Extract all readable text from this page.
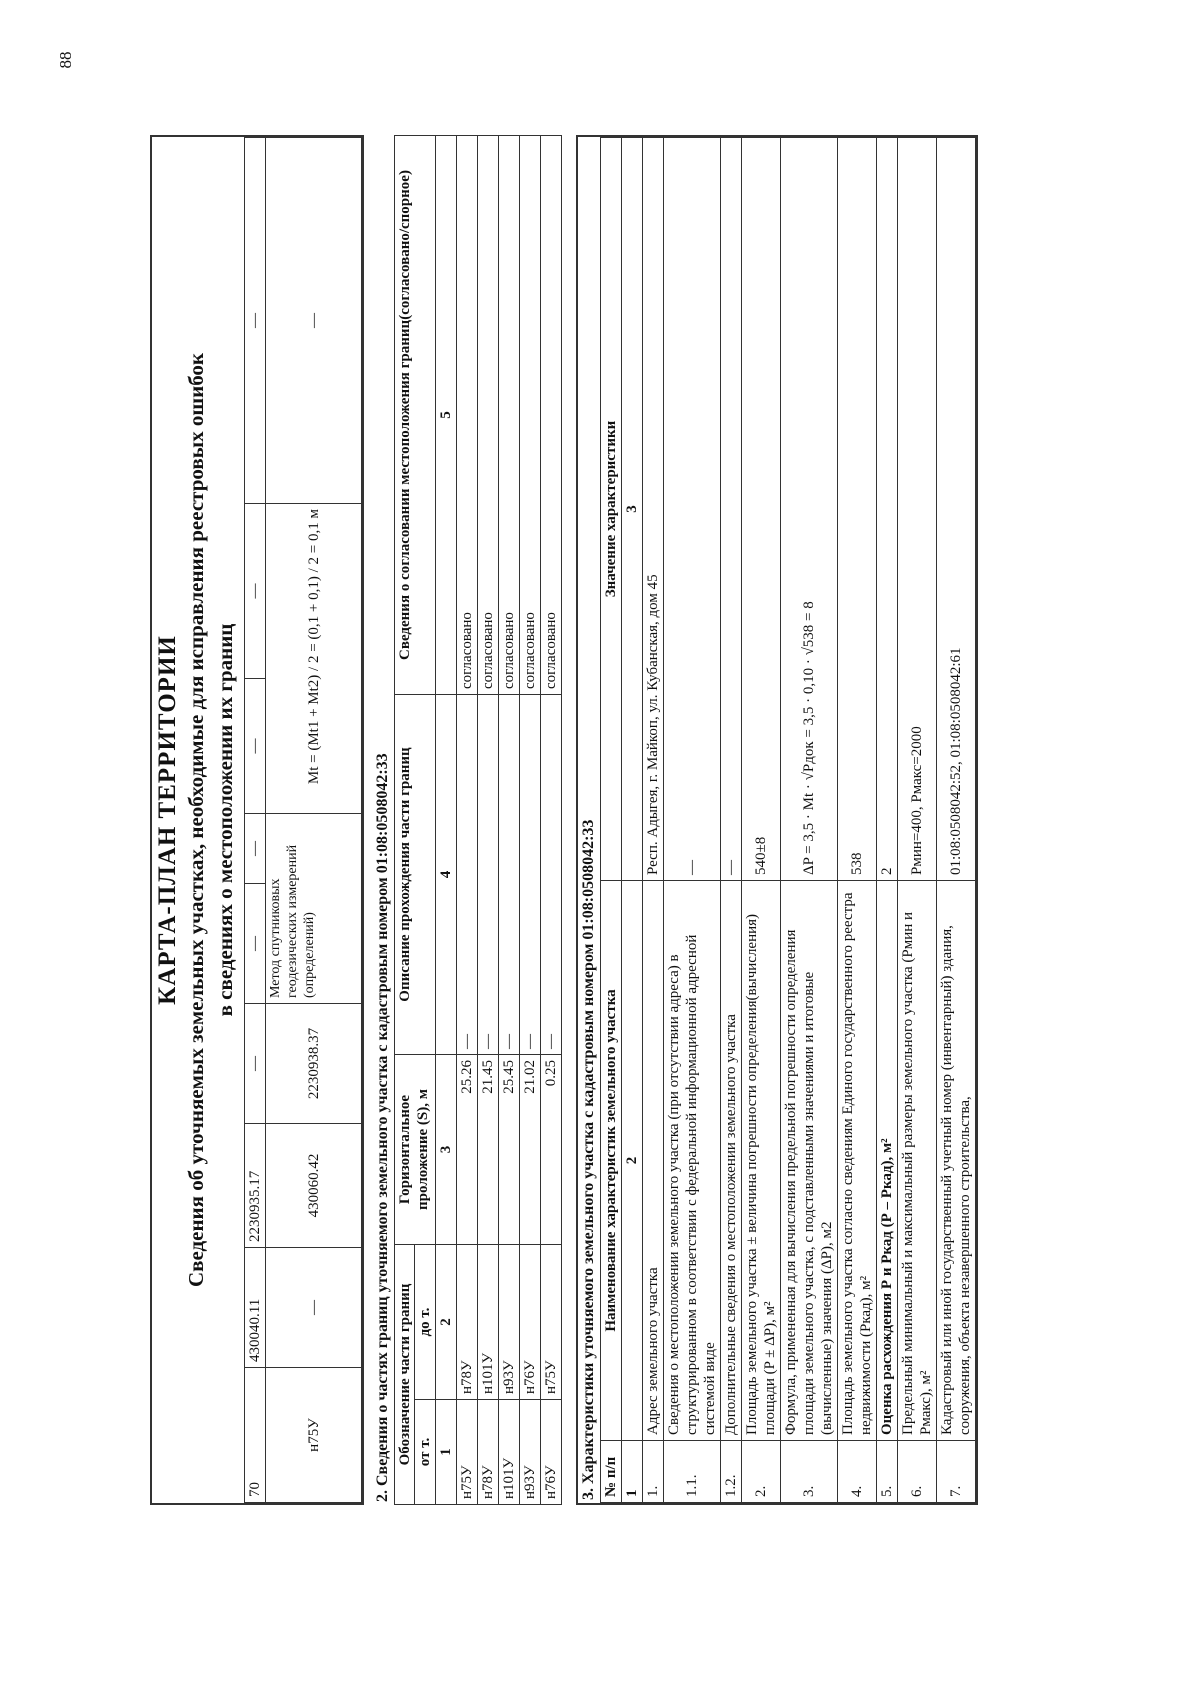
88
КАРТА-ПЛАН ТЕРРИТОРИИ Сведения об уточняемых земельных участках, необходимые для исправления реестровых ошибок в сведениях о местоположении их границ
70	430040.11	2230935.17	—	—	—	—	—	—
н75У	—	430060.42	2230938.37	Метод спутниковых геодезических измерений (определений)		Mt = (Mt1 + Mt2) / 2 = (0,1 + 0,1) / 2 = 0,1 м		—
2. Сведения о частях границ уточняемого земельного участка с кадастровым номером 01:08:0508042:33 Обозначение части границ		Горизонтальное проложение (S), м	Описание прохождения части границ	Сведения о согласовании местоположения границ(согласовано/спорное)
от т.	до т.			
1	2	3	4	5
н75У	н78У	25.26	—	согласовано
н78У	н101У	21.45	—	согласовано
н101У	н93У	25.45	—	согласовано
н93У	н76У	21.02	—	согласовано
н76У	н75У	0.25	—	согласовано
3. Характеристики уточняемого земельного участка с кадастровым номером 01:08:0508042:33 № п/п	Наименование характеристик земельного участка	Значение характеристики
1	2	3
1.	Адрес земельного участка	Респ. Адыгея, г. Майкоп, ул. Кубанская, дом 45
1.1.	Сведения о местоположении земельного участка (при отсутствии адреса) в структурированном в соответствии с федеральной информационной адресной системой виде	—
1.2.	Дополнительные сведения о местоположении земельного участка	—
2.	Площадь земельного участка ± величина погрешности определения(вычисления) площади (P ± ΔP), м²	540±8
3.	Формула, примененная для вычисления предельной погрешности определения площади земельного участка, с подставленными значениями и итоговые (вычисленные) значения (ΔP), м2	ΔP = 3,5 · Mt · √Pдок = 3,5 · 0,10 · √538 = 8
4.	Площадь земельного участка согласно сведениям Единого государственного реестра недвижимости (Ркад), м²	538
5.	Оценка расхождения Р и Ркад (Р – Ркад), м²	2
6.	Предельный минимальный и максимальный размеры земельного участка (Рмин и Рмакс), м²	Рмин=400, Рмакс=2000
7.	Кадастровый или иной государственный учетный номер (инвентарный) здания, сооружения, объекта незавершенного строительства,	01:08:0508042:52, 01:08:0508042:61
